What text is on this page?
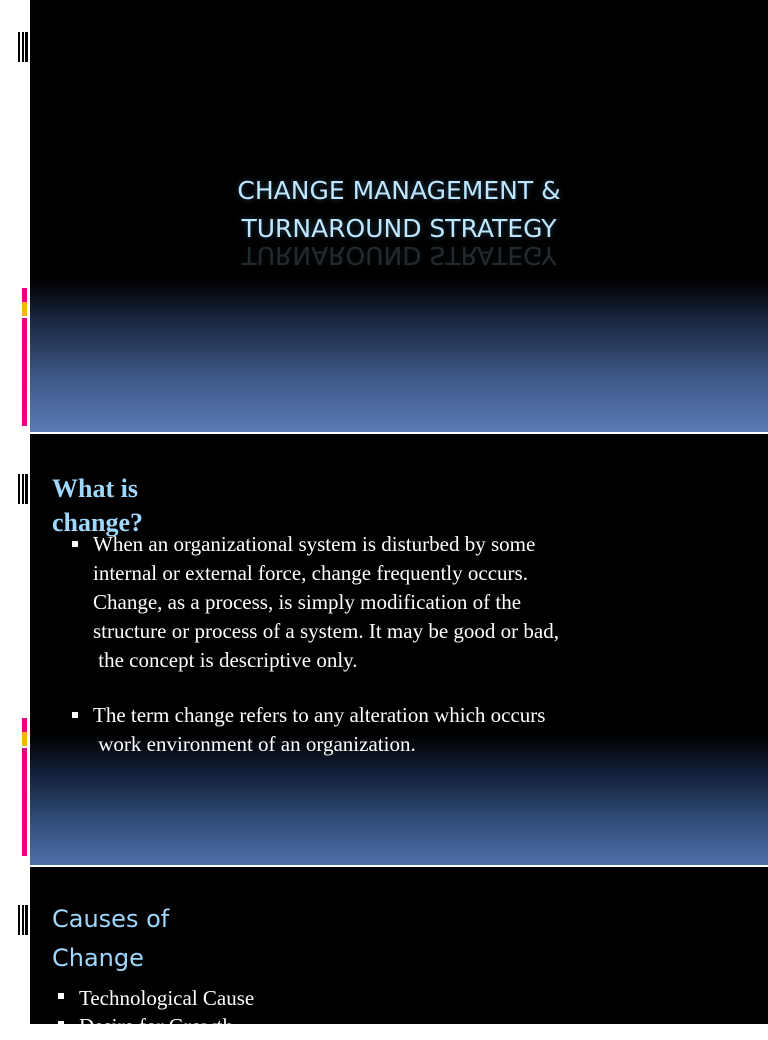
CHANGE MANAGEMENT &
TURNAROUND STRATEGY
TURNAROUND STRATEGY
What is
change?
When an organizational system is disturbed by some
internal or external force, change frequently occurs.
Change, as a process, is simply modification of the
structure or process of a system. It may be good or bad,
the concept is descriptive only.
The term change refers to any alteration which occurs
work environment of an organization.
Causes of
Change
Technological Cause
Desire for Growth
